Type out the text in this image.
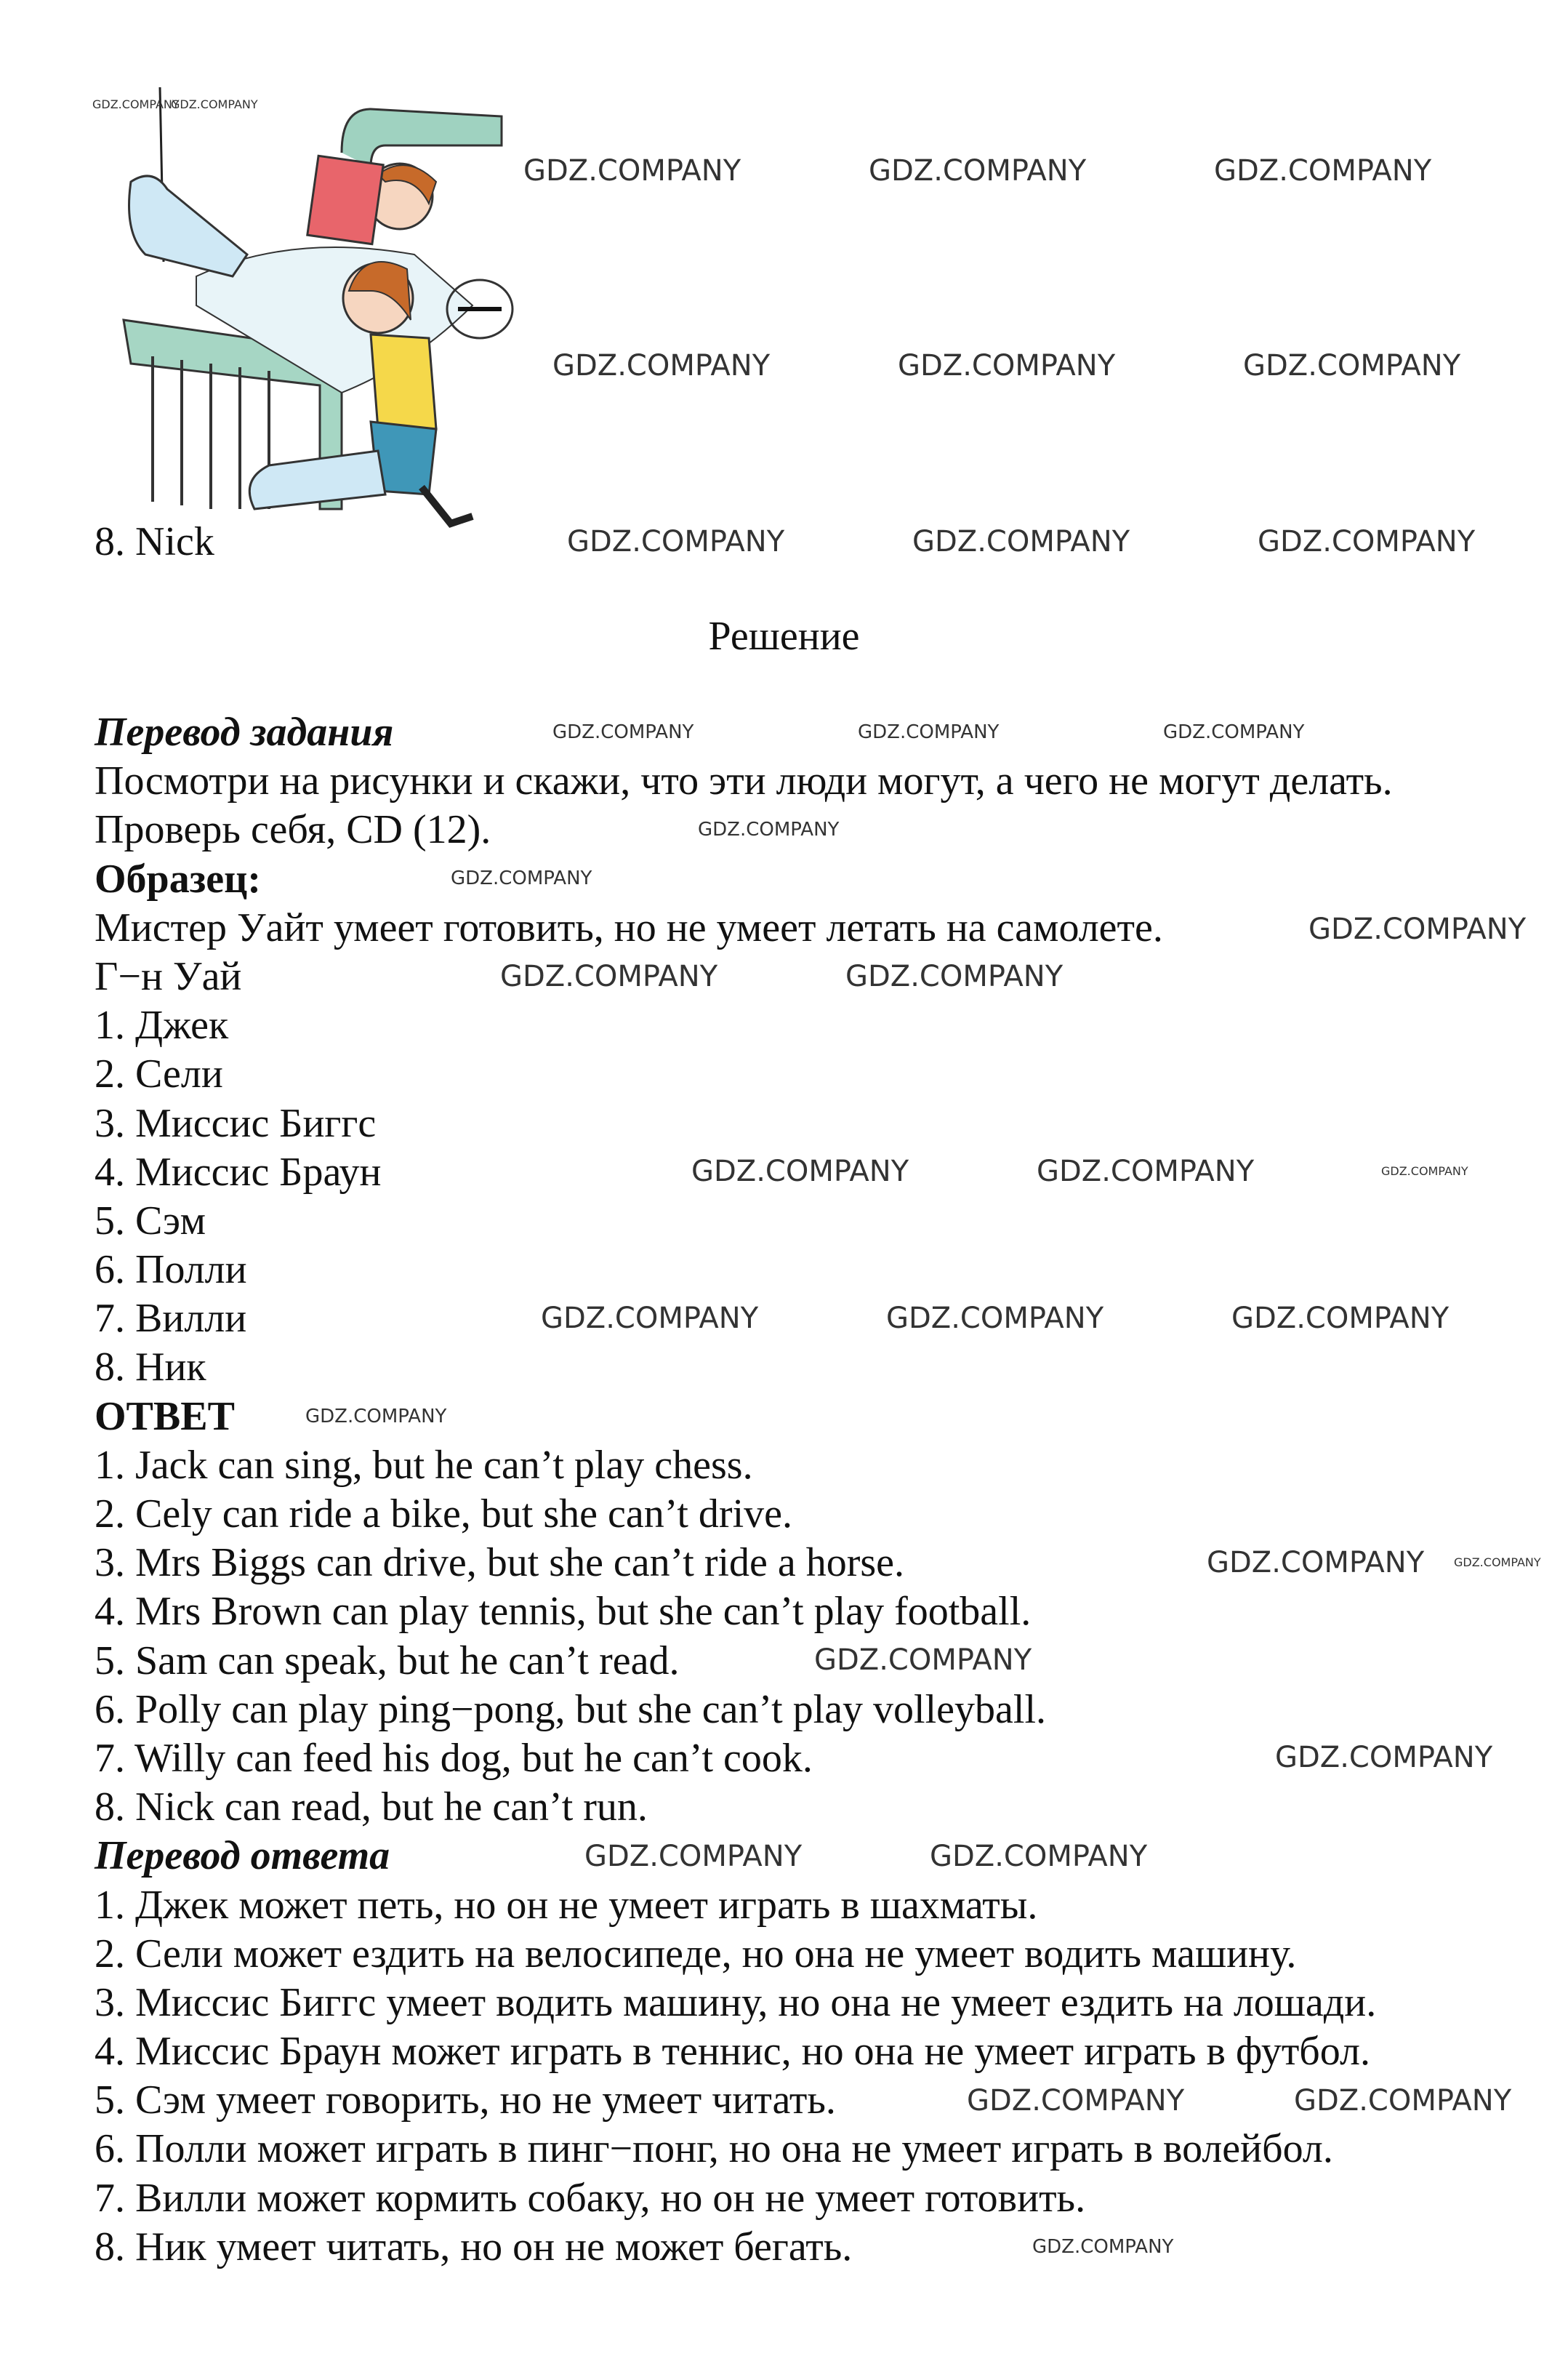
8. Nick
Решение
Перевод задания
Посмотри на рисунки и скажи, что эти люди могут, а чего не могут делать.
Проверь себя, CD (12).
Образец:
Мистер Уайт умеет готовить, но не умеет летать на самолете.
Г−н Уай
1. Джек
2. Сели
3. Миссис Биггс
4. Миссис Браун
5. Сэм
6. Полли
7. Вилли
8. Ник
ОТВЕТ
1. Jack can sing, but he can’t play chess.
2. Cely can ride a bike, but she can’t drive.
3. Mrs Biggs can drive, but she can’t ride a horse.
4. Mrs Brown can play tennis, but she can’t play football.
5. Sam can speak, but he can’t read.
6. Polly can play ping−pong, but she can’t play volleyball.
7. Willy can feed his dog, but he can’t cook.
8. Nick can read, but he can’t run.
Перевод ответа
1. Джек может петь, но он не умеет играть в шахматы.
2. Сели может ездить на велосипеде, но она не умеет водить машину.
3. Миссис Биггс умеет водить машину, но она не умеет ездить на лошади.
4. Миссис Браун может играть в теннис, но она не умеет играть в футбол.
5. Сэм умеет говорить, но не умеет читать.
6. Полли может играть в пинг−понг, но она не умеет играть в волейбол.
7. Вилли может кормить собаку, но он не умеет готовить.
8. Ник умеет читать, но он не может бегать.
GDZ.COMPANY	GDZ.COMPANY	GDZ.COMPANY
GDZ.COMPANY	GDZ.COMPANY	GDZ.COMPANY
GDZ.COMPANY	GDZ.COMPANY	GDZ.COMPANY
GDZ.COMPANY	GDZ.COMPANY	GDZ.COMPANY
GDZ.COMPANY
GDZ.COMPANY
GDZ.COMPANY
GDZ.COMPANY	GDZ.COMPANY
GDZ.COMPANY	GDZ.COMPANY	GDZ.COMPANY
GDZ.COMPANY	GDZ.COMPANY	GDZ.COMPANY
GDZ.COMPANY
GDZ.COMPANY	GDZ.COMPANY
GDZ.COMPANY
GDZ.COMPANY
GDZ.COMPANY	GDZ.COMPANY
GDZ.COMPANY	GDZ.COMPANY
GDZ.COMPANY
GDZ.COMPANY
GDZ.COMPANY
